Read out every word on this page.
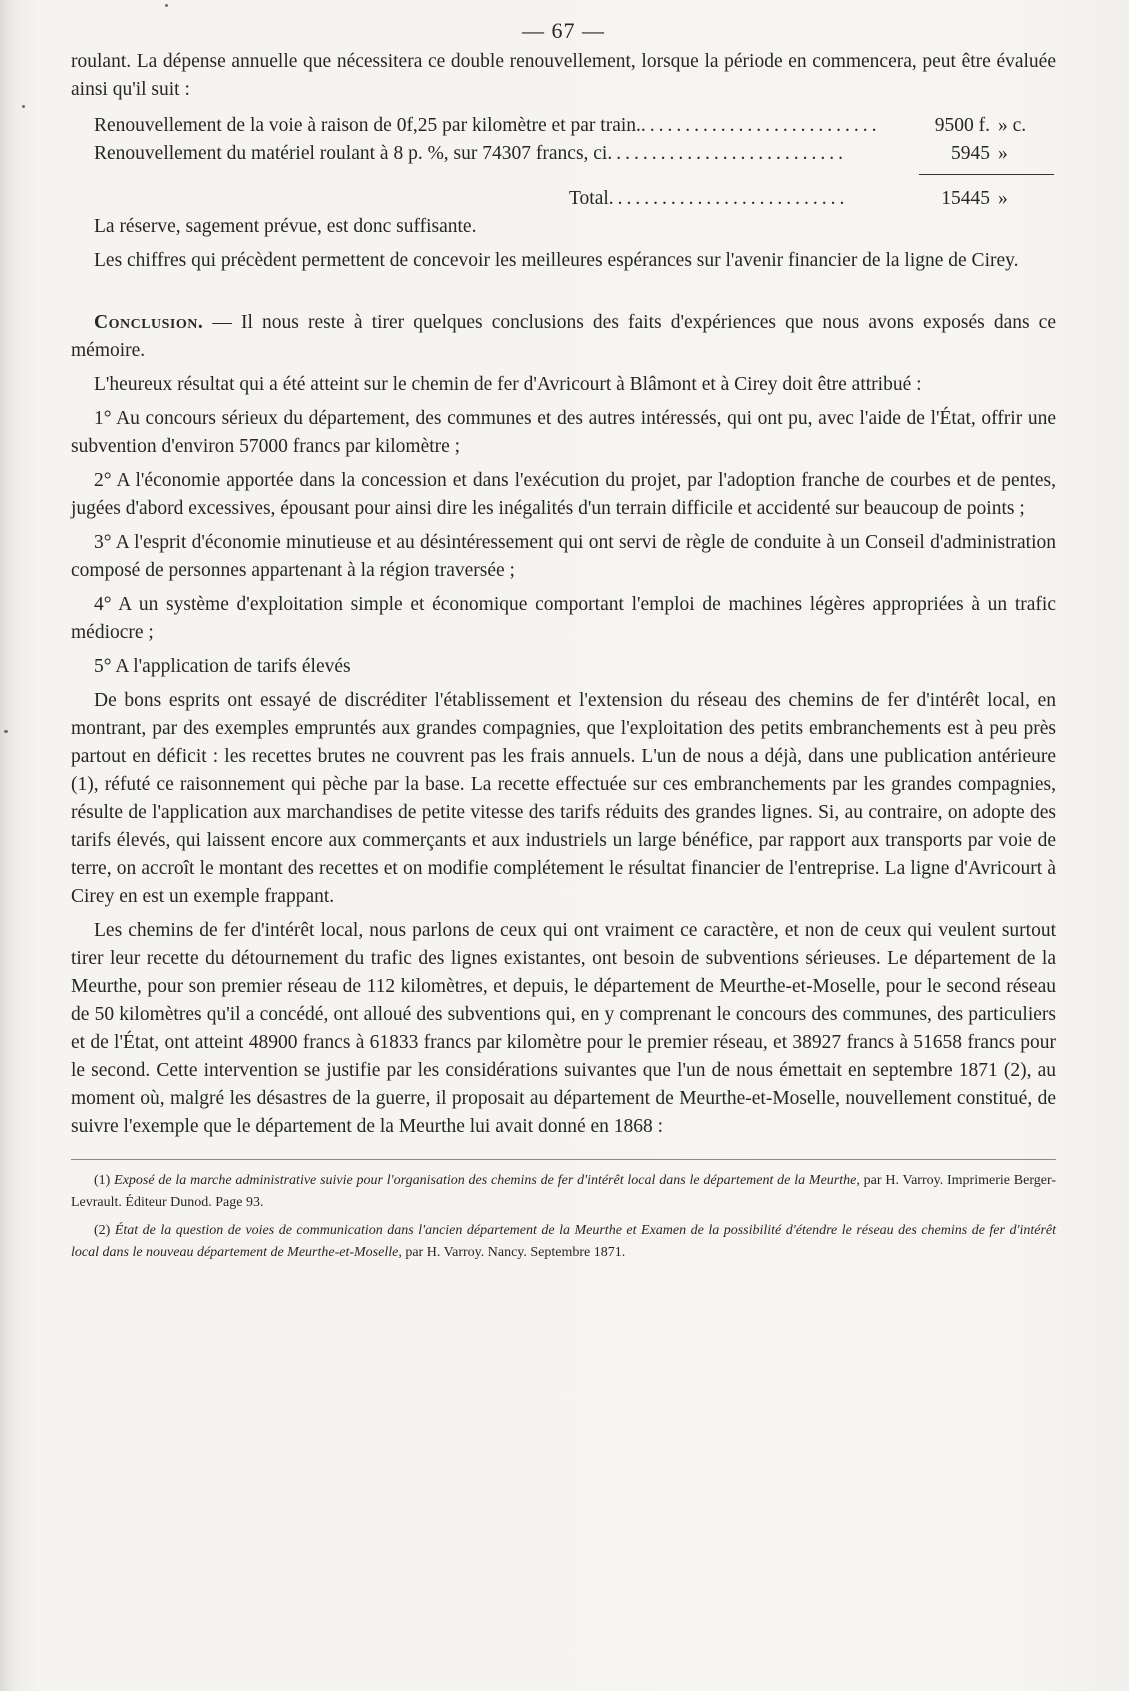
— 67 —

roulant. La dépense annuelle que nécessitera ce double renouvellement, lorsque la période en commencera, peut être évaluée ainsi qu'il suit :

Renouvellement de la voie à raison de 0f,25 par kilomètre et par train.. ..........................	9500 f. » c.
Renouvellement du matériel roulant à 8 p. %, sur 74307 francs, ci. ..........................	5945 »
Total. ..........................	15445 »

La réserve, sagement prévue, est donc suffisante.

Les chiffres qui précèdent permettent de concevoir les meilleures espérances sur l'avenir financier de la ligne de Cirey.

Conclusion. — Il nous reste à tirer quelques conclusions des faits d'expériences que nous avons exposés dans ce mémoire.

L'heureux résultat qui a été atteint sur le chemin de fer d'Avricourt à Blâmont et à Cirey doit être attribué :

1° Au concours sérieux du département, des communes et des autres intéressés, qui ont pu, avec l'aide de l'État, offrir une subvention d'environ 57000 francs par kilomètre ;

2° A l'économie apportée dans la concession et dans l'exécution du projet, par l'adoption franche de courbes et de pentes, jugées d'abord excessives, épousant pour ainsi dire les inégalités d'un terrain difficile et accidenté sur beaucoup de points ;

3° A l'esprit d'économie minutieuse et au désintéressement qui ont servi de règle de conduite à un Conseil d'administration composé de personnes appartenant à la région traversée ;

4° A un système d'exploitation simple et économique comportant l'emploi de machines légères appropriées à un trafic médiocre ;

5° A l'application de tarifs élevés

De bons esprits ont essayé de discréditer l'établissement et l'extension du réseau des chemins de fer d'intérêt local, en montrant, par des exemples empruntés aux grandes compagnies, que l'exploitation des petits embranchements est à peu près partout en déficit : les recettes brutes ne couvrent pas les frais annuels. L'un de nous a déjà, dans une publication antérieure (1), réfuté ce raisonnement qui pèche par la base. La recette effectuée sur ces embranchements par les grandes compagnies, résulte de l'application aux marchandises de petite vitesse des tarifs réduits des grandes lignes. Si, au contraire, on adopte des tarifs élevés, qui laissent encore aux commerçants et aux industriels un large bénéfice, par rapport aux transports par voie de terre, on accroît le montant des recettes et on modifie complétement le résultat financier de l'entreprise. La ligne d'Avricourt à Cirey en est un exemple frappant.

Les chemins de fer d'intérêt local, nous parlons de ceux qui ont vraiment ce caractère, et non de ceux qui veulent surtout tirer leur recette du détournement du trafic des lignes existantes, ont besoin de subventions sérieuses. Le département de la Meurthe, pour son premier réseau de 112 kilomètres, et depuis, le département de Meurthe-et-Moselle, pour le second réseau de 50 kilomètres qu'il a concédé, ont alloué des subventions qui, en y comprenant le concours des communes, des particuliers et de l'État, ont atteint 48900 francs à 61833 francs par kilomètre pour le premier réseau, et 38927 francs à 51658 francs pour le second. Cette intervention se justifie par les considérations suivantes que l'un de nous émettait en septembre 1871 (2), au moment où, malgré les désastres de la guerre, il proposait au département de Meurthe-et-Moselle, nouvellement constitué, de suivre l'exemple que le département de la Meurthe lui avait donné en 1868 :

(1) Exposé de la marche administrative suivie pour l'organisation des chemins de fer d'intérêt local dans le département de la Meurthe, par H. Varroy. Imprimerie Berger-Levrault. Éditeur Dunod. Page 93.
(2) État de la question de voies de communication dans l'ancien département de la Meurthe et Examen de la possibilité d'étendre le réseau des chemins de fer d'intérêt local dans le nouveau département de Meurthe-et-Moselle, par H. Varroy. Nancy. Septembre 1871.
